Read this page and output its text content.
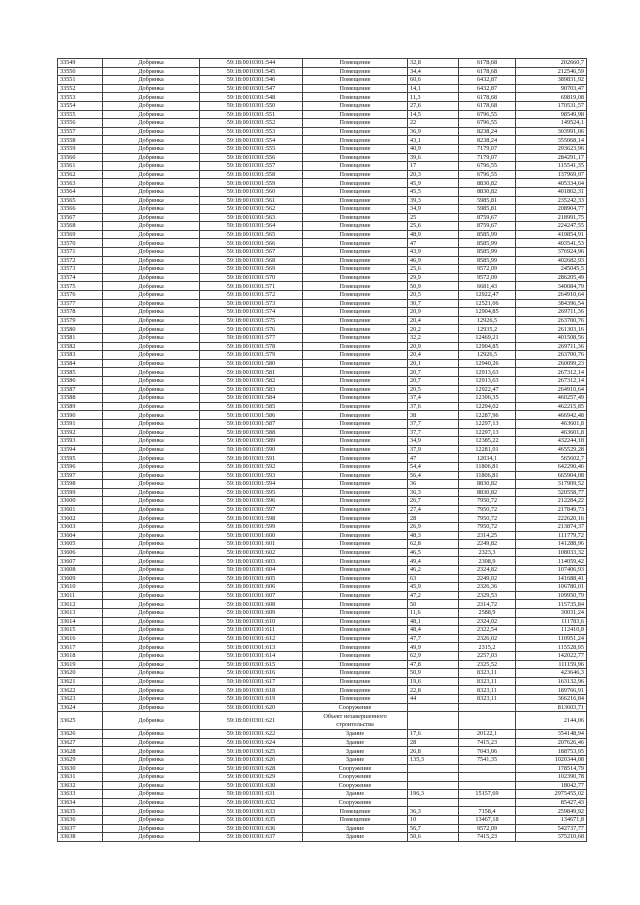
33549	Добрянка	59:18:0010301:544	Помещение	32,8	6178,68	202660,7
33550	Добрянка	59:18:0010301:545	Помещение	34,4	6178,68	212546,59
33551	Добрянка	59:18:0010301:546	Помещение	60,6	6432,87	389831,92
33552	Добрянка	59:18:0010301:547	Помещение	14,1	6432,87	90703,47
33553	Добрянка	59:18:0010301:548	Помещение	11,3	6178,68	69819,08
33554	Добрянка	59:18:0010301:550	Помещение	27,6	6178,68	170531,57
33555	Добрянка	59:18:0010301:551	Помещение	14,5	6796,55	98549,98
33556	Добрянка	59:18:0010301:552	Помещение	22	6796,55	149524,1
33557	Добрянка	59:18:0010301:553	Помещение	36,9	8238,24	303991,06
33558	Добрянка	59:18:0010301:554	Помещение	43,1	8238,24	355068,14
33559	Добрянка	59:18:0010301:555	Помещение	40,9	7179,07	293623,96
33560	Добрянка	59:18:0010301:556	Помещение	39,6	7179,07	284291,17
33561	Добрянка	59:18:0010301:557	Помещение	17	6796,55	115541,35
33562	Добрянка	59:18:0010301:558	Помещение	20,3	6796,55	137969,97
33563	Добрянка	59:18:0010301:559	Помещение	45,9	8830,82	405334,64
33564	Добрянка	59:18:0010301:560	Помещение	45,5	8830,82	401802,31
33565	Добрянка	59:18:0010301:561	Помещение	39,3	5985,81	235242,33
33566	Добрянка	59:18:0010301:562	Помещение	34,9	5985,81	208904,77
33567	Добрянка	59:18:0010301:563	Помещение	25	8759,67	218991,75
33568	Добрянка	59:18:0010301:564	Помещение	25,6	8759,67	224247,55
33569	Добрянка	59:18:0010301:565	Помещение	48,9	8585,99	419854,91
33570	Добрянка	59:18:0010301:566	Помещение	47	8585,99	403541,53
33571	Добрянка	59:18:0010301:567	Помещение	43,9	8585,99	376924,96
33572	Добрянка	59:18:0010301:568	Помещение	46,9	8585,99	402682,93
33573	Добрянка	59:18:0010301:569	Помещение	25,6	9572,09	245045,5
33574	Добрянка	59:18:0010301:570	Помещение	29,9	9572,09	286205,49
33575	Добрянка	59:18:0010301:571	Помещение	50,9	6681,43	340084,79
33576	Добрянка	59:18:0010301:572	Помещение	20,5	12922,47	264910,64
33577	Добрянка	59:18:0010301:573	Помещение	30,7	12521,06	384396,54
33578	Добрянка	59:18:0010301:574	Помещение	20,9	12904,85	269711,36
33579	Добрянка	59:18:0010301:575	Помещение	20,4	12926,5	263700,76
33580	Добрянка	59:18:0010301:576	Помещение	20,2	12935,2	261303,16
33581	Добрянка	59:18:0010301:577	Помещение	32,2	12469,21	401508,56
33582	Добрянка	59:18:0010301:578	Помещение	20,9	12904,85	269711,36
33583	Добрянка	59:18:0010301:579	Помещение	20,4	12926,5	263700,76
33584	Добрянка	59:18:0010301:580	Помещение	20,1	12940,26	260099,23
33585	Добрянка	59:18:0010301:581	Помещение	20,7	12913,63	267312,14
33586	Добрянка	59:18:0010301:582	Помещение	20,7	12913,63	267312,14
33587	Добрянка	59:18:0010301:583	Помещение	20,5	12922,47	264910,64
33588	Добрянка	59:18:0010301:584	Помещение	37,4	12306,35	460257,49
33589	Добрянка	59:18:0010301:585	Помещение	37,6	12294,02	462215,85
33590	Добрянка	59:18:0010301:586	Помещение	38	12287,96	466942,48
33591	Добрянка	59:18:0010301:587	Помещение	37,7	12297,13	463601,8
33592	Добрянка	59:18:0010301:588	Помещение	37,7	12297,13	463601,8
33593	Добрянка	59:18:0010301:589	Помещение	34,9	12385,22	432244,18
33594	Добрянка	59:18:0010301:590	Помещение	37,9	12281,01	465529,28
33595	Добрянка	59:18:0010301:591	Помещение	47	12034,1	565602,7
33596	Добрянка	59:18:0010301:592	Помещение	54,4	11806,81	642290,46
33597	Добрянка	59:18:0010301:593	Помещение	56,4	11806,81	665904,08
33598	Добрянка	59:18:0010301:594	Помещение	36	8830,82	317909,52
33599	Добрянка	59:18:0010301:595	Помещение	36,3	8830,82	320558,77
33600	Добрянка	59:18:0010301:596	Помещение	26,7	7950,72	212284,22
33601	Добрянка	59:18:0010301:597	Помещение	27,4	7950,72	217849,73
33602	Добрянка	59:18:0010301:598	Помещение	28	7950,72	222620,16
33603	Добрянка	59:18:0010301:599	Помещение	26,9	7950,72	213874,37
33604	Добрянка	59:18:0010301:600	Помещение	48,3	2314,25	111779,72
33605	Добрянка	59:18:0010301:601	Помещение	62,8	2249,82	141288,96
33606	Добрянка	59:18:0010301:602	Помещение	46,5	2323,3	108033,32
33607	Добрянка	59:18:0010301:603	Помещение	49,4	2308,9	114059,42
33608	Добрянка	59:18:0010301:604	Помещение	46,2	2324,82	107406,93
33609	Добрянка	59:18:0010301:605	Помещение	63	2249,02	141688,41
33610	Добрянка	59:18:0010301:606	Помещение	45,9	2326,36	106780,01
33611	Добрянка	59:18:0010301:607	Помещение	47,2	2329,53	109950,79
33612	Добрянка	59:18:0010301:608	Помещение	50	2314,72	115735,84
33613	Добрянка	59:18:0010301:609	Помещение	11,6	2588,9	30031,24
33614	Добрянка	59:18:0010301:610	Помещение	48,1	2324,02	111783,6
33615	Добрянка	59:18:0010301:611	Помещение	48,4	2322,54	112410,8
33616	Добрянка	59:18:0010301:612	Помещение	47,7	2326,02	110951,24
33617	Добрянка	59:18:0010301:613	Помещение	49,9	2315,2	115528,95
33618	Добрянка	59:18:0010301:614	Помещение	62,9	2257,03	142022,77
33619	Добрянка	59:18:0010301:615	Помещение	47,8	2325,52	111159,96
33620	Добрянка	59:18:0010301:616	Помещение	50,9	8323,11	423646,3
33621	Добрянка	59:18:0010301:617	Помещение	19,6	8323,11	163132,96
33622	Добрянка	59:18:0010301:618	Помещение	22,8	8323,11	189766,91
33623	Добрянка	59:18:0010301:619	Помещение	44	8323,11	366216,84
33624	Добрянка	59:18:0010301:620	Сооружение			813603,71
33625	Добрянка	59:18:0010301:621	Объект незавершенного строительства			2144,06
33626	Добрянка	59:18:0010301:622	Здание	17,6	20122,1	354148,94
33627	Добрянка	59:18:0010301:624	Здание	28	7415,23	207626,46
33628	Добрянка	59:18:0010301:625	Здание	26,8	7043,06	188753,95
33629	Добрянка	59:18:0010301:626	Здание	135,3	7541,35	1020344,08
33630	Добрянка	59:18:0010301:628	Сооружение			178514,79
33631	Добрянка	59:18:0010301:629	Сооружение			102390,78
33632	Добрянка	59:18:0010301:630	Сооружение			18042,77
33633	Добрянка	59:18:0010301:631	Здание	196,3	15157,69	2975455,02
33634	Добрянка	59:18:0010301:632	Сооружение			85427,43
33635	Добрянка	59:18:0010301:633	Помещение	36,3	7158,4	259849,92
33636	Добрянка	59:18:0010301:635	Помещение	10	13467,18	134671,8
33637	Добрянка	59:18:0010301:636	Здание	56,7	9572,09	542737,77
33638	Добрянка	59:18:0010301:637	Здание	50,6	7415,23	375210,68
